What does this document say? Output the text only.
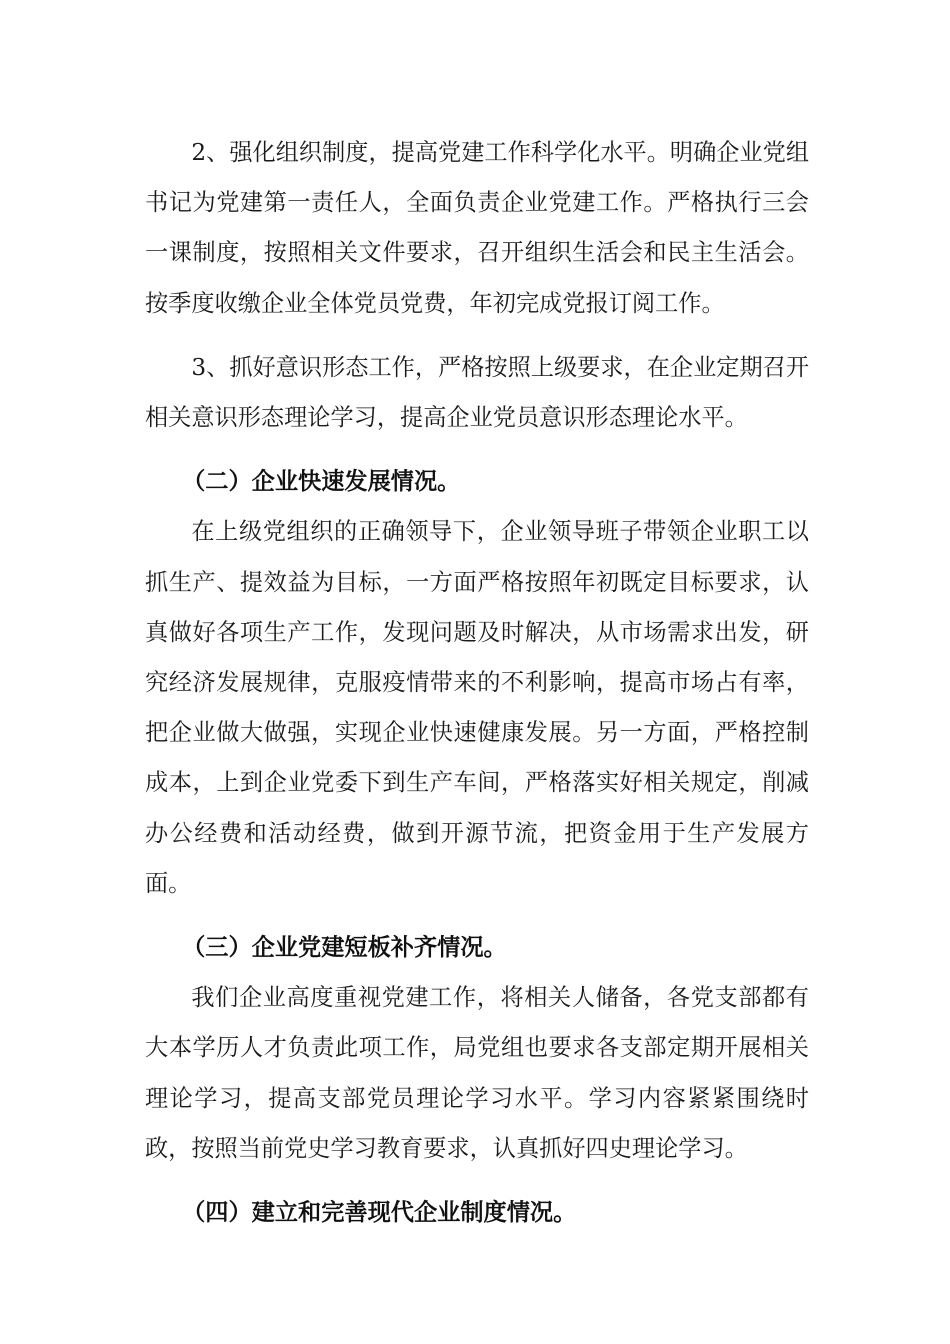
2、强化组织制度，提高党建工作科学化水平。明确企业党组书记为党建第一责任人，全面负责企业党建工作。严格执行三会一课制度，按照相关文件要求，召开组织生活会和民主生活会。按季度收缴企业全体党员党费，年初完成党报订阅工作。

3、抓好意识形态工作，严格按照上级要求，在企业定期召开相关意识形态理论学习，提高企业党员意识形态理论水平。

（二）企业快速发展情况。

在上级党组织的正确领导下，企业领导班子带领企业职工以抓生产、提效益为目标，一方面严格按照年初既定目标要求，认真做好各项生产工作，发现问题及时解决，从市场需求出发，研究经济发展规律，克服疫情带来的不利影响，提高市场占有率，把企业做大做强，实现企业快速健康发展。另一方面，严格控制成本，上到企业党委下到生产车间，严格落实好相关规定，削减办公经费和活动经费，做到开源节流，把资金用于生产发展方面。

（三）企业党建短板补齐情况。

我们企业高度重视党建工作，将相关人储备，各党支部都有大本学历人才负责此项工作，局党组也要求各支部定期开展相关理论学习，提高支部党员理论学习水平。学习内容紧紧围绕时政，按照当前党史学习教育要求，认真抓好四史理论学习。

（四）建立和完善现代企业制度情况。
